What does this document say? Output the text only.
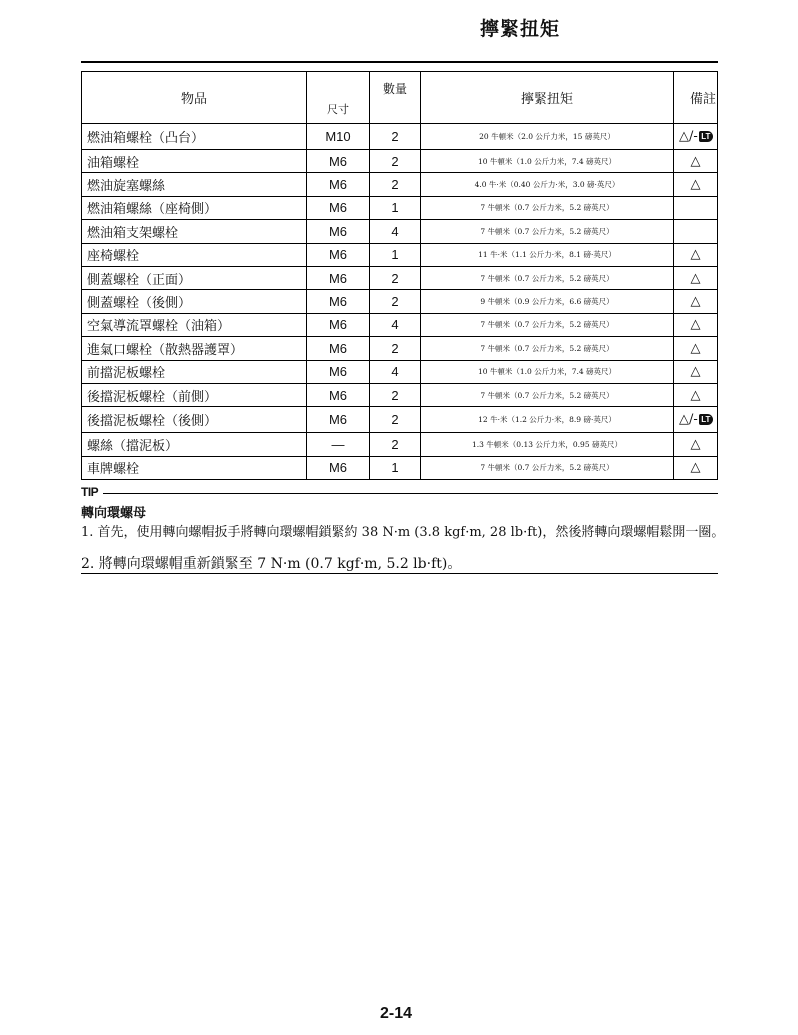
擰緊扭矩
物品	尺寸	數量	擰緊扭矩	備註
燃油箱螺栓（凸台）	M10	2	20 牛頓米（2.0 公斤力米，15 磅英尺）	△/- LT
油箱螺栓	M6	2	10 牛頓米（1.0 公斤力米，7.4 磅英尺）	△
燃油旋塞螺絲	M6	2	4.0 牛·米（0.40 公斤力·米，3.0 磅·英尺）	△
燃油箱螺絲（座椅側）	M6	1	7 牛頓米（0.7 公斤力米，5.2 磅英尺）	
燃油箱支架螺栓	M6	4	7 牛頓米（0.7 公斤力米，5.2 磅英尺）	
座椅螺栓	M6	1	11 牛·米（1.1 公斤力·米，8.1 磅·英尺）	△
側蓋螺栓（正面）	M6	2	7 牛頓米（0.7 公斤力米，5.2 磅英尺）	△
側蓋螺栓（後側）	M6	2	9 牛頓米（0.9 公斤力米，6.6 磅英尺）	△
空氣導流罩螺栓（油箱）	M6	4	7 牛頓米（0.7 公斤力米，5.2 磅英尺）	△
進氣口螺栓（散熱器護罩）	M6	2	7 牛頓米（0.7 公斤力米，5.2 磅英尺）	△
前擋泥板螺栓	M6	4	10 牛頓米（1.0 公斤力米，7.4 磅英尺）	△
後擋泥板螺栓（前側）	M6	2	7 牛頓米（0.7 公斤力米，5.2 磅英尺）	△
後擋泥板螺栓（後側）	M6	2	12 牛·米（1.2 公斤力·米，8.9 磅·英尺）	△/- LT
螺絲（擋泥板）	—	2	1.3 牛頓米（0.13 公斤力米，0.95 磅英尺）	△
車牌螺栓	M6	1	7 牛頓米（0.7 公斤力米，5.2 磅英尺）	△
TIP
轉向環螺母
1. 首先，使用轉向螺帽扳手將轉向環螺帽鎖緊約 38 N·m (3.8 kgf·m, 28 lb·ft)，然後將轉向環螺帽鬆開一圈。
2. 將轉向環螺帽重新鎖緊至 7 N·m (0.7 kgf·m, 5.2 lb·ft)。
2-14
